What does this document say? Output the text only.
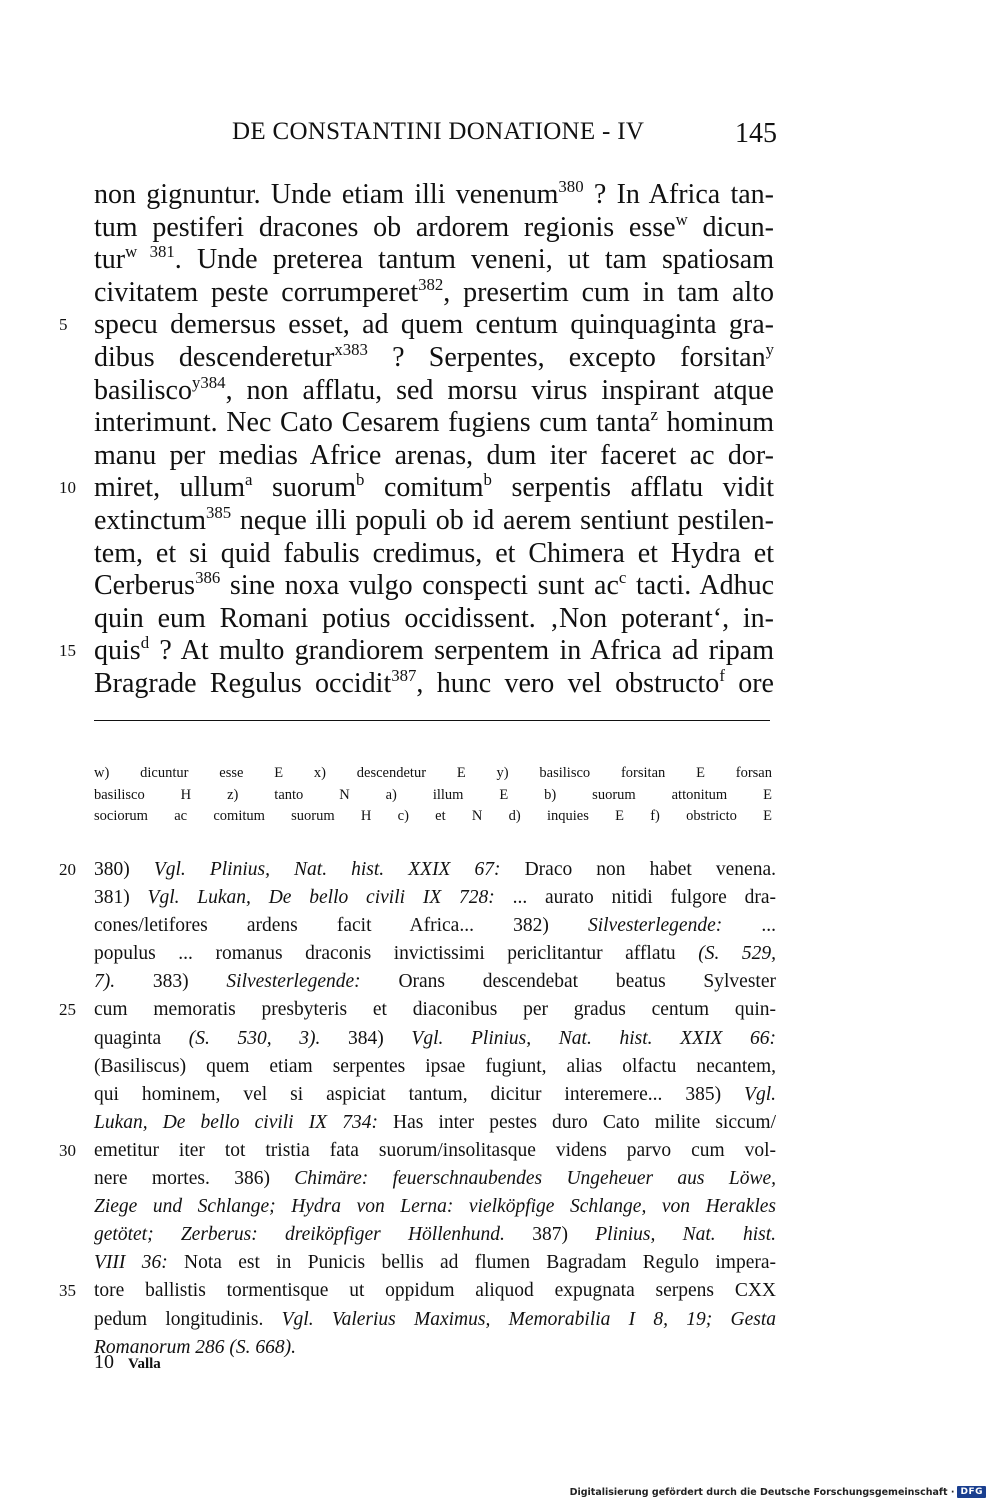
DE CONSTANTINI DONATIONE - IV	145
non gignuntur. Unde etiam illi venenum$^{380}$ ? In Africa tan-
tum pestiferi dracones ob ardorem regionis esse$^w$ dicun-
tur$^{w 381}$. Unde preterea tantum veneni, ut tam spatiosam
civitatem peste corrumperet$^{382}$, presertim cum in tam alto
5 specu demersus esset, ad quem centum quinquaginta gra-
dibus descenderetur$^{x383}$ ? Serpentes, excepto forsitan$^y$
basilisco$^{y384}$, non afflatu, sed morsu virus inspirant atque
interimunt. Nec Cato Cesarem fugiens cum tanta$^z$ hominum
manu per medias Africe arenas, dum iter faceret ac dor-
10 miret, ullum$^a$ suorum$^b$ comitum$^b$ serpentis afflatu vidit
extinctum$^{385}$ neque illi populi ob id aerem sentiunt pestilen-
tem, et si quid fabulis credimus, et Chimera et Hydra et
Cerberus$^{386}$ sine noxa vulgo conspecti sunt $ac^c$ tacti. Adhuc
quin eum Romani potius occidissent. ‚Non poterant‘, in-
15 quis$^d$ ? At multo grandiorem serpentem in Africa ad ripam
Bragrade Regulus occidit$^{387}$, hunc vero vel obstructo$^f$ ore
w) dicuntur esse E x) descendetur E y) basilisco forsitan E forsan
basilisco H z) tanto N a) illum E b) suorum attonitum E
sociorum ac comitum suorum H c) et N d) inquies E f) obstricto E
20 380) Vgl. Plinius, Nat. hist. XXIX 67: Draco non habet venena.
381) Vgl. Lukan, De bello civili IX 728: ... aurato nitidi fulgore dra-
cones/letifores ardens facit Africa... 382) Silvesterlegende: ...
populus ... romanus draconis invictissimi periclitantur afflatu (S. 529,
7). 383) Silvesterlegende: Orans descendebat beatus Sylvester
25 cum memoratis presbyteris et diaconibus per gradus centum quin-
quaginta (S. 530, 3). 384) Vgl. Plinius, Nat. hist. XXIX 66:
(Basiliscus) quem etiam serpentes ipsae fugiunt, alias olfactu necantem,
qui hominem, vel si aspiciat tantum, dicitur interemere... 385) Vgl.
Lukan, De bello civili IX 734: Has inter pestes duro Cato milite siccum/
30 emetitur iter tot tristia fata suorum/insolitasque videns parvo cum vol-
nere mortes. 386) Chimäre: feuerschnaubendes Ungeheuer aus Löwe,
Ziege und Schlange; Hydra von Lerna: vielköpfige Schlange, von Herakles
getötet; Zerberus: dreiköpfiger Höllenhund. 387) Plinius, Nat. hist.
VIII 36: Nota est in Punicis bellis ad flumen Bagradam Regulo impera-
35 tore ballistis tormentisque ut oppidum aliquod expugnata serpens CXX
pedum longitudinis. Vgl. Valerius Maximus, Memorabilia I 8, 19; Gesta
Romanorum 286 (S. 668).
10 Valla
Digitalisierung gefördert durch die Deutsche Forschungsgemeinschaft · DFG
